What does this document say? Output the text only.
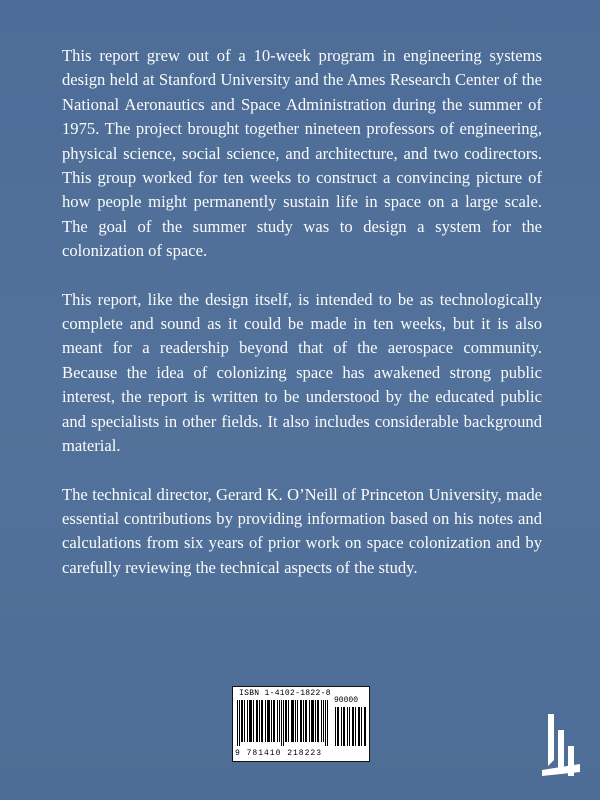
This report grew out of a 10-week program in engineering systems design held at Stanford University and the Ames Research Center of the National Aeronautics and Space Administration during the summer of 1975. The project brought together nineteen professors of engineering, physical science, social science, and architecture, and two codirectors. This group worked for ten weeks to construct a convincing picture of how people might permanently sustain life in space on a large scale. The goal of the summer study was to design a system for the colonization of space.

This report, like the design itself, is intended to be as technologically complete and sound as it could be made in ten weeks, but it is also meant for a readership beyond that of the aerospace community. Because the idea of colonizing space has awakened strong public interest, the report is written to be understood by the educated public and specialists in other fields. It also includes considerable background material.

The technical director, Gerard K. O’Neill of Princeton University, made essential contributions by providing information based on his notes and calculations from six years of prior work on space colonization and by carefully reviewing the technical aspects of the study.

ISBN 1-4102-1822-8
90000
9 781410 218223
